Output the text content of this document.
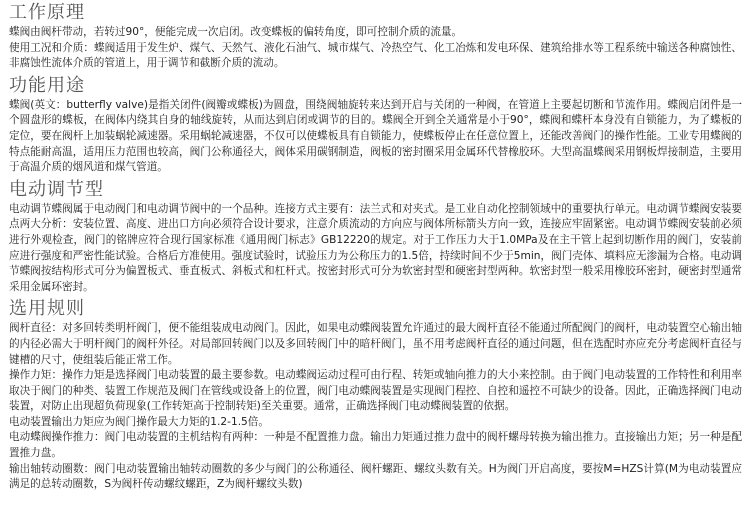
工作原理

蝶阀由阀杆带动，若转过90°，便能完成一次启闭。改变蝶板的偏转角度，即可控制介质的流量。

使用工况和介质：蝶阀适用于发生炉、煤气、天然气、液化石油气、城市煤气、冷热空气、化工冶炼和发电环保、建筑给排水等工程系统中输送各种腐蚀性、非腐蚀性流体介质的管道上，用于调节和截断介质的流动。

功能用途

蝶阀(英文：butterfly valve)是指关闭件(阀瓣或蝶板)为圆盘，围绕阀轴旋转来达到开启与关闭的一种阀，在管道上主要起切断和节流作用。蝶阀启闭件是一个圆盘形的蝶板，在阀体内绕其自身的轴线旋转，从而达到启闭或调节的目的。蝶阀全开到全关通常是小于90°，蝶阀和蝶杆本身没有自锁能力，为了蝶板的定位，要在阀杆上加装蜗轮减速器。采用蜗轮减速器，不仅可以使蝶板具有自锁能力，使蝶板停止在任意位置上，还能改善阀门的操作性能。工业专用蝶阀的特点能耐高温，适用压力范围也较高，阀门公称通径大，阀体采用碳钢制造，阀板的密封圈采用金属环代替橡胶环。大型高温蝶阀采用钢板焊接制造，主要用于高温介质的烟风道和煤气管道。

电动调节型

电动调节蝶阀属于电动阀门和电动调节阀中的一个品种。连接方式主要有：法兰式和对夹式。是工业自动化控制领域中的重要执行单元。电动调节蝶阀安装要点两大分析：安装位置、高度、进出口方向必须符合设计要求，注意介质流动的方向应与阀体所标箭头方向一致，连接应牢固紧密。电动调节蝶阀安装前必须进行外观检查，阀门的铭牌应符合现行国家标准《通用阀门标志》GB12220的规定。对于工作压力大于1.0MPa及在主干管上起到切断作用的阀门，安装前应进行强度和严密性能试验。合格后方准使用。强度试验时，试验压力为公称压力的1.5倍，持续时间不少于5min，阀门壳体、填料应无渗漏为合格。电动调节蝶阀按结构形式可分为偏置板式、垂直板式、斜板式和杠杆式。按密封形式可分为软密封型和硬密封型两种。软密封型一般采用橡胶环密封，硬密封型通常采用金属环密封。

选用规则

阀杆直径：对多回转类明杆阀门，便不能组装成电动阀门。因此，如果电动蝶阀装置允许通过的最大阀杆直径不能通过所配阀门的阀杆，电动装置空心输出轴的内径必需大于明杆阀门的阀杆外径。对局部回转阀门以及多回转阀门中的暗杆阀门，虽不用考虑阀杆直径的通过问题，但在选配时亦应充分考虑阀杆直径与键槽的尺寸，使组装后能正常工作。

操作力矩：操作力矩是选择阀门电动装置的最主要参数。电动蝶阀运动过程可由行程、转矩或轴向推力的大小来控制。由于阀门电动装置的工作特性和利用率取决于阀门的种类、装置工作规范及阀门在管线或设备上的位置，阀门电动蝶阀装置是实现阀门程控、自控和遥控不可缺少的设备。因此，正确选择阀门电动装置，对防止出现超负荷现象(工作转矩高于控制转矩)至关重要。通常，正确选择阀门电动蝶阀装置的依据。

电动装置输出力矩应为阀门操作最大力矩的1.2-1.5倍。

电动蝶阀操作推力：阀门电动装置的主机结构有两种：一种是不配置推力盘。输出力矩通过推力盘中的阀杆螺母转换为输出推力。直接输出力矩；另一种是配置推力盘。

输出轴转动圈数：阀门电动装置输出轴转动圈数的多少与阀门的公称通径、阀杆螺距、螺纹头数有关。H为阀门开启高度，要按M=HZS计算(M为电动装置应满足的总转动圈数，S为阀杆传动螺纹螺距，Z为阀杆螺纹头数)
